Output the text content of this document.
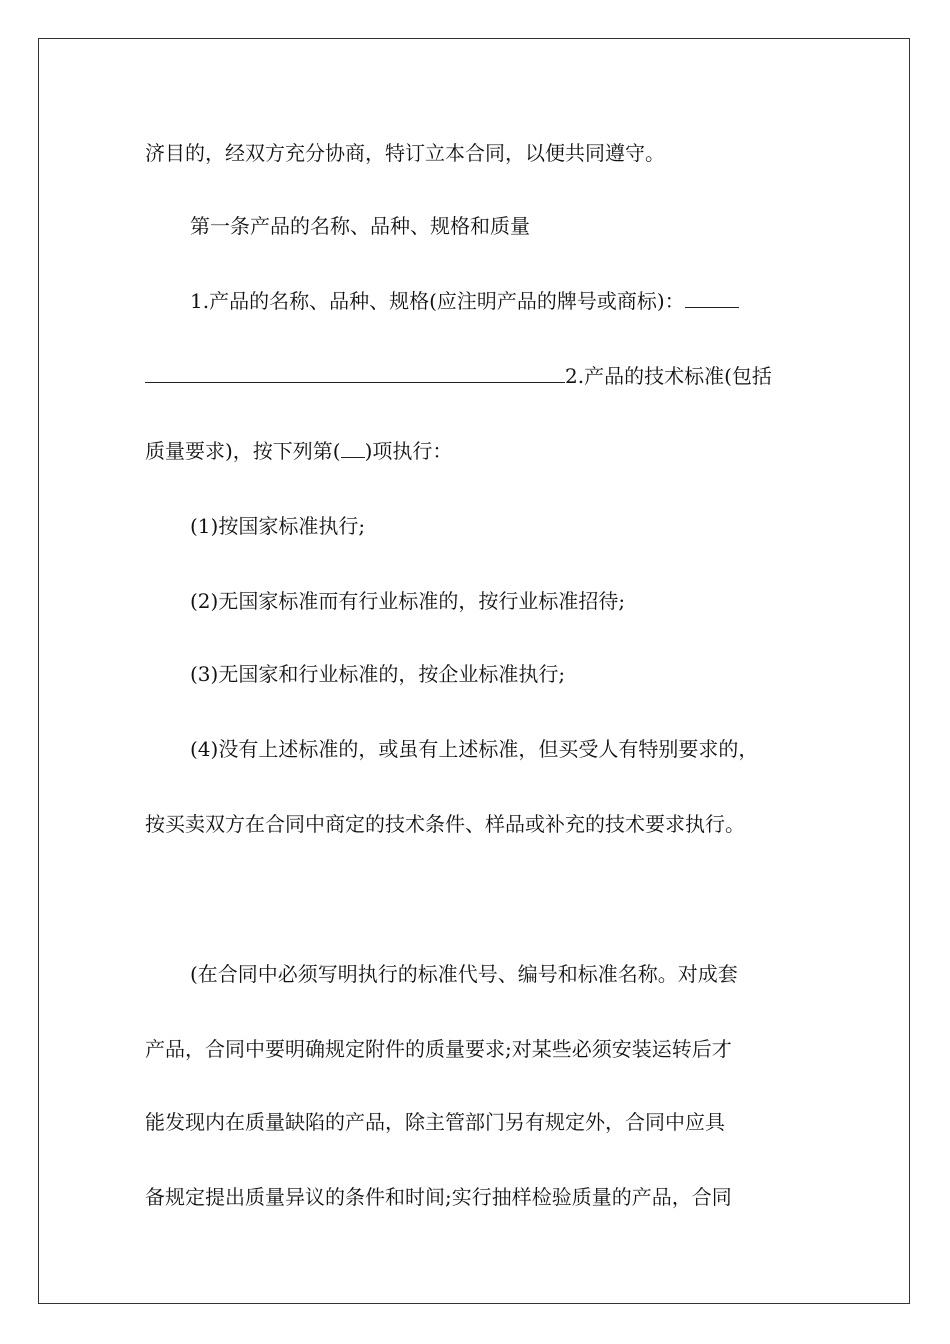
济目的，经双方充分协商，特订立本合同，以便共同遵守。
第一条产品的名称、品种、规格和质量
1.产品的名称、品种、规格(应注明产品的牌号或商标)：
2.产品的技术标准(包括
质量要求)，按下列第( )项执行：
(1)按国家标准执行;
(2)无国家标准而有行业标准的，按行业标准招待;
(3)无国家和行业标准的，按企业标准执行;
(4)没有上述标准的，或虽有上述标准，但买受人有特别要求的，
按买卖双方在合同中商定的技术条件、样品或补充的技术要求执行。
(在合同中必须写明执行的标准代号、编号和标准名称。对成套
产品，合同中要明确规定附件的质量要求;对某些必须安装运转后才
能发现内在质量缺陷的产品，除主管部门另有规定外，合同中应具
备规定提出质量异议的条件和时间;实行抽样检验质量的产品，合同
